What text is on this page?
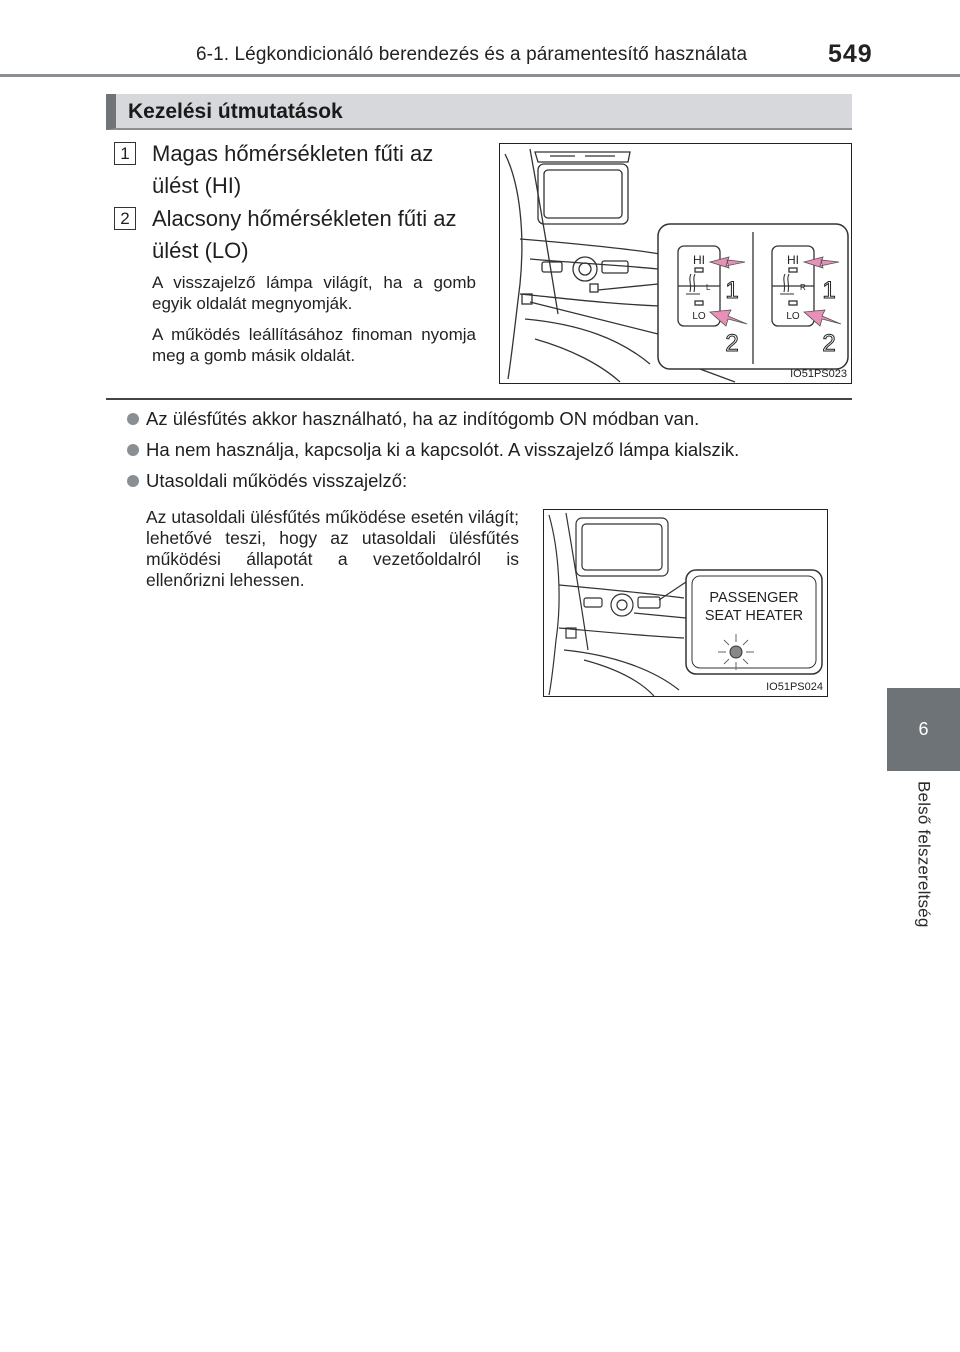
6-1. Légkondicionáló berendezés és a páramentesítő használata	549
6
Belső felszereltség
Kezelési útmutatások
1 Magas hőmérsékleten fűti az
ülést (HI)
2 Alacsony hőmérsékleten fűti az
ülést (LO)
A visszajelző lámpa világít, ha a gomb egyik oldalát megnyomják.
A működés leállításához finoman nyomja meg a gomb másik oldalát.
HI
LO
L
HI
LO
R
1
2
1
2
IO51PS023
Az ülésfűtés akkor használható, ha az indítógomb ON módban van.
Ha nem használja, kapcsolja ki a kapcsolót. A visszajelző lámpa kialszik.
Utasoldali működés visszajelző:
Az utasoldali ülésfűtés működése esetén világít; lehetővé teszi, hogy az utasoldali ülésfűtés működési állapotát a vezetőoldalról is ellenőrizni lehessen.
PASSENGER
SEAT HEATER
IO51PS024
